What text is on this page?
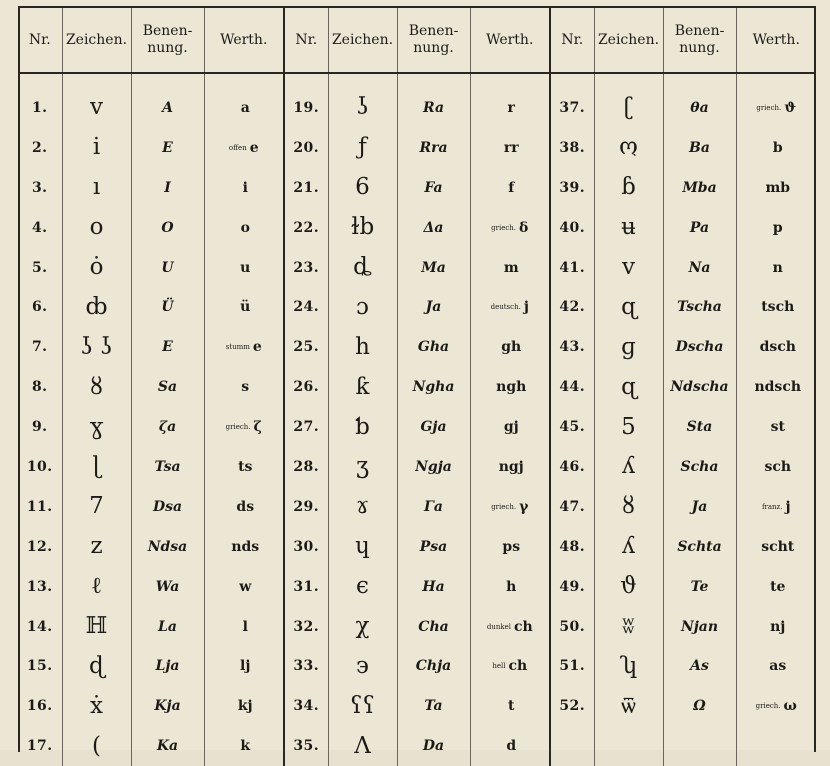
Nr.	Zeichen.	Benen-nung.	Werth.	Nr.	Zeichen.	Benen-nung.	Werth.	Nr.	Zeichen.	Benen-nung.	Werth.

1.	v	A	a	19.	ʖ	Ra	r	37.	ʗ	θa	griech. ϑ
2.	i	E	offen e	20.	ƒ	Rra	rr	38.	ო	Ba	b
3.	ı	I	i	21.	6	Fa	f	39.	ɓ	Mba	mb
4.	o	O	o	22.	ɫb	Δa	griech. δ	40.	ʉ	Pa	p
5.	ȯ	U	u	23.	ȡ	Ma	m	41.	v	Na	n
6.	ȸ	Ü	ü	24.	ɔ	Ja	deutsch. j	42.	ɋ	Tscha	tsch
7.	ʖ ʖ	E	stumm e	25.	h	Gha	gh	43.	ɡ	Dscha	dsch
8.	ȣ	Sa	s	26.	ƙ	Ngha	ngh	44.	ɋ	Ndscha	ndsch
9.	ɣ	ζa	griech. ζ	27.	ƅ	Gja	gj	45.	5	Sta	st
10.	ɭ	Tsa	ts	28.	ʒ	Ngja	ngj	46.	ʎ	Scha	sch
11.	7	Dsa	ds	29.	ɤ	Γa	griech. γ	47.	ȣ	Ja	franz. j
12.	z	Ndsa	nds	30.	ɥ	Psa	ps	48.	ʎ	Schta	scht
13.	ℓ	Wa	w	31.	є	Ha	h	49.	ϑ	Te	te
14.	ℍ	La	l	32.	χ	Cha	dunkel ch	50.	ʬ	Njan	nj
15.	ɖ	Lja	lj	33.	϶	Chja	hell ch	51.	ʮ	As	as
16.	ẋ	Kja	kj	34.	ʕʕ	Ta	t	52.	ѿ	Ω	griech. ω
17.	(	Ka	k	35.	Λ	Da	d				
